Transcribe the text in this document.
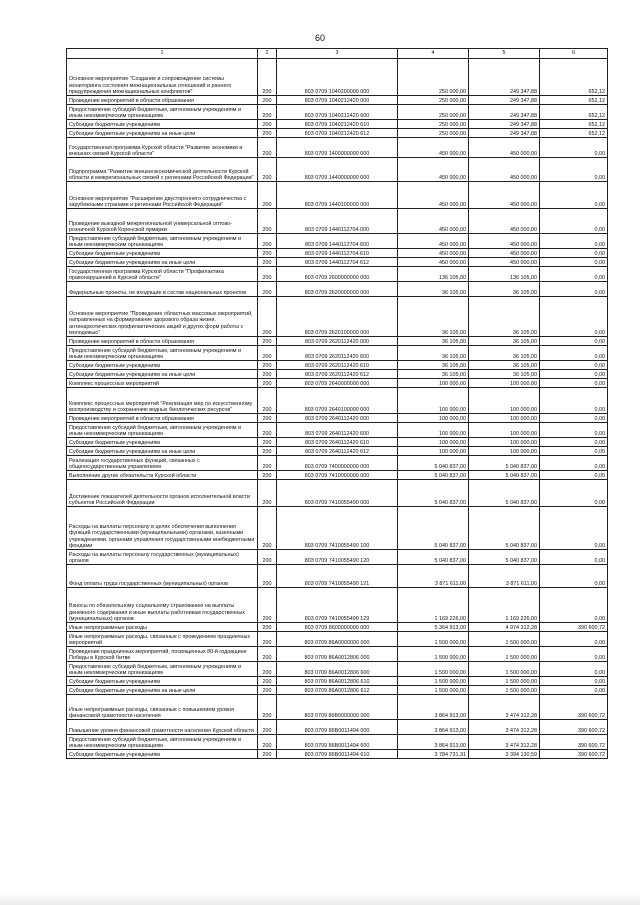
60
1	2	3	4	5	6
Основное мероприятие "Создание и сопровождение системы мониторинга состояния межнациональных отношений и раннего предупреждения межнациональных конфликтов"	200	803 0709 1040200000 000	250 000,00	249 347,88	652,12
Проведение мероприятий в области образования	200	803 0709 1040212420 000	250 000,00	249 347,88	652,12
Предоставление субсидий бюджетным, автономным учреждениям и иным некоммерческим организациям	200	803 0709 1040212420 600	250 000,00	249 347,88	652,12
Субсидии бюджетным учреждениям	200	803 0709 1040212420 610	250 000,00	249 347,88	652,12
Субсидии бюджетным учреждениям на иные цели	200	803 0709 1040212420 612	250 000,00	249 347,88	652,12
Государственная программа Курской области "Развитие экономики и внешних связей Курской области"	200	803 0709 1400000000 000	450 000,00	450 000,00	0,00
Подпрограмма "Развитие внешнеэкономической деятельности Курской области и межрегиональных связей с регионами Российской Федерации"	200	803 0709 1440000000 000	450 000,00	450 000,00	0,00
Основное мероприятие "Расширение двустороннего сотрудничества с зарубежными странами и регионами Российской Федерации"	200	803 0709 1440100000 000	450 000,00	450 000,00	0,00
Проведение выездной межрегиональной универсальной оптово-розничной Курской Коренской ярмарки	200	803 0709 1440112704 000	450 000,00	450 000,00	0,00
Предоставление субсидий бюджетным, автономным учреждениям и иным некоммерческим организациям	200	803 0709 1440112704 600	450 000,00	450 000,00	0,00
Субсидии бюджетным учреждениям	200	803 0709 1440112704 610	450 000,00	450 000,00	0,00
Субсидии бюджетным учреждениям на иные цели	200	803 0709 1440112704 612	450 000,00	450 000,00	0,00
Государственная программа Курской области "Профилактика правонарушений в Курской области"	200	803 0709 2600000000 000	136 105,00	136 105,00	0,00
Федеральные проекты, не входящие в состав национальных проектов	200	803 0709 2620000000 000	36 105,00	36 105,00	0,00
Основное мероприятие "Проведение областных массовых мероприятий, направленных на формирование здорового образа жизни, антинаркотических профилактических акций и других форм работы с молодежью"	200	803 0709 2620100000 000	36 105,00	36 105,00	0,00
Проведение мероприятий в области образования	200	803 0709 2620112420 000	36 105,00	36 105,00	0,00
Предоставление субсидий бюджетным, автономным учреждениям и иным некоммерческим организациям	200	803 0709 2620112420 600	36 105,00	36 105,00	0,00
Субсидии бюджетным учреждениям	200	803 0709 2620112420 610	36 105,00	36 105,00	0,00
Субсидии бюджетным учреждениям на иные цели	200	803 0709 2620112420 612	36 105,00	36 105,00	0,00
Комплекс процессных мероприятий	200	803 0709 2640000000 000	100 000,00	100 000,00	0,00
Комплекс процессных мероприятий "Реализация мер по искусственному воспроизводству и сохранению водных биологических ресурсов"	200	803 0709 2640100000 000	100 000,00	100 000,00	0,00
Проведение мероприятий в области образования	200	803 0709 2640112420 000	100 000,00	100 000,00	0,00
Предоставление субсидий бюджетным, автономным учреждениям и иным некоммерческим организациям	200	803 0709 2640112420 600	100 000,00	100 000,00	0,00
Субсидии бюджетным учреждениям	200	803 0709 2640112420 610	100 000,00	100 000,00	0,00
Субсидии бюджетным учреждениям на иные цели	200	803 0709 2640112420 612	100 000,00	100 000,00	0,00
Реализация государственных функций, связанных с общегосударственным управлением	200	803 0709 7400000000 000	5 040 837,00	5 040 837,00	0,00
Выполнение других обязательств Курской области	200	803 0709 7410000000 000	5 040 837,00	5 040 837,00	0,00
Достижение показателей деятельности органов исполнительной власти субъектов Российской Федерации	200	803 0709 7410055490 000	5 040 837,00	5 040 837,00	0,00
Расходы на выплаты персоналу в целях обеспечения выполнения функций государственными (муниципальными) органами, казенными учреждениями, органами управления государственными внебюджетными фондами	200	803 0709 7410055490 100	5 040 837,00	5 040 837,00	0,00
Расходы на выплаты персоналу государственных (муниципальных) органов	200	803 0709 7410055490 120	5 040 837,00	5 040 837,00	0,00
Фонд оплаты труда государственных (муниципальных) органов	200	803 0709 7410055490 121	3 871 611,00	3 871 611,00	0,00
Взносы по обязательному социальному страхованию на выплаты денежного содержания и иные выплаты работникам государственных (муниципальных) органов	200	803 0709 7410055490 129	1 169 226,00	1 169 226,00	0,00
Иные непрограммные расходы	200	803 0709 8600000000 000	5 364 913,00	4 974 312,28	390 600,72
Иные непрограммные расходы, связанные с проведением праздничных мероприятий	200	803 0709 86A0000000 000	1 500 000,00	1 500 000,00	0,00
Проведение праздничных мероприятий, посвященных 80-й годовщине Победы в Курской битве	200	803 0709 86A0012806 000	1 500 000,00	1 500 000,00	0,00
Предоставление субсидий бюджетным, автономным учреждениям и иным некоммерческим организациям	200	803 0709 86A0012806 600	1 500 000,00	1 500 000,00	0,00
Субсидии бюджетным учреждениям	200	803 0709 86A0012806 610	1 500 000,00	1 500 000,00	0,00
Субсидии бюджетным учреждениям на иные цели	200	803 0709 86A0012806 612	1 500 000,00	1 500 000,00	0,00
Иные непрограммные расходы, связанные с повышением уровня финансовой грамотности населения	200	803 0709 86B0000000 000	3 864 913,00	3 474 312,28	390 600,72
Повышение уровня финансовой грамотности населения Курской области	200	803 0709 86B0011494 000	3 864 913,00	3 474 312,28	390 600,72
Предоставление субсидий бюджетным, автономным учреждениям и иным некоммерческим организациям	200	803 0709 86B0011494 600	3 864 913,00	3 474 312,28	390 600,72
Субсидии бюджетным учреждениям	200	803 0709 86B0011494 610	3 784 731,31	3 394 130,59	390 600,72
